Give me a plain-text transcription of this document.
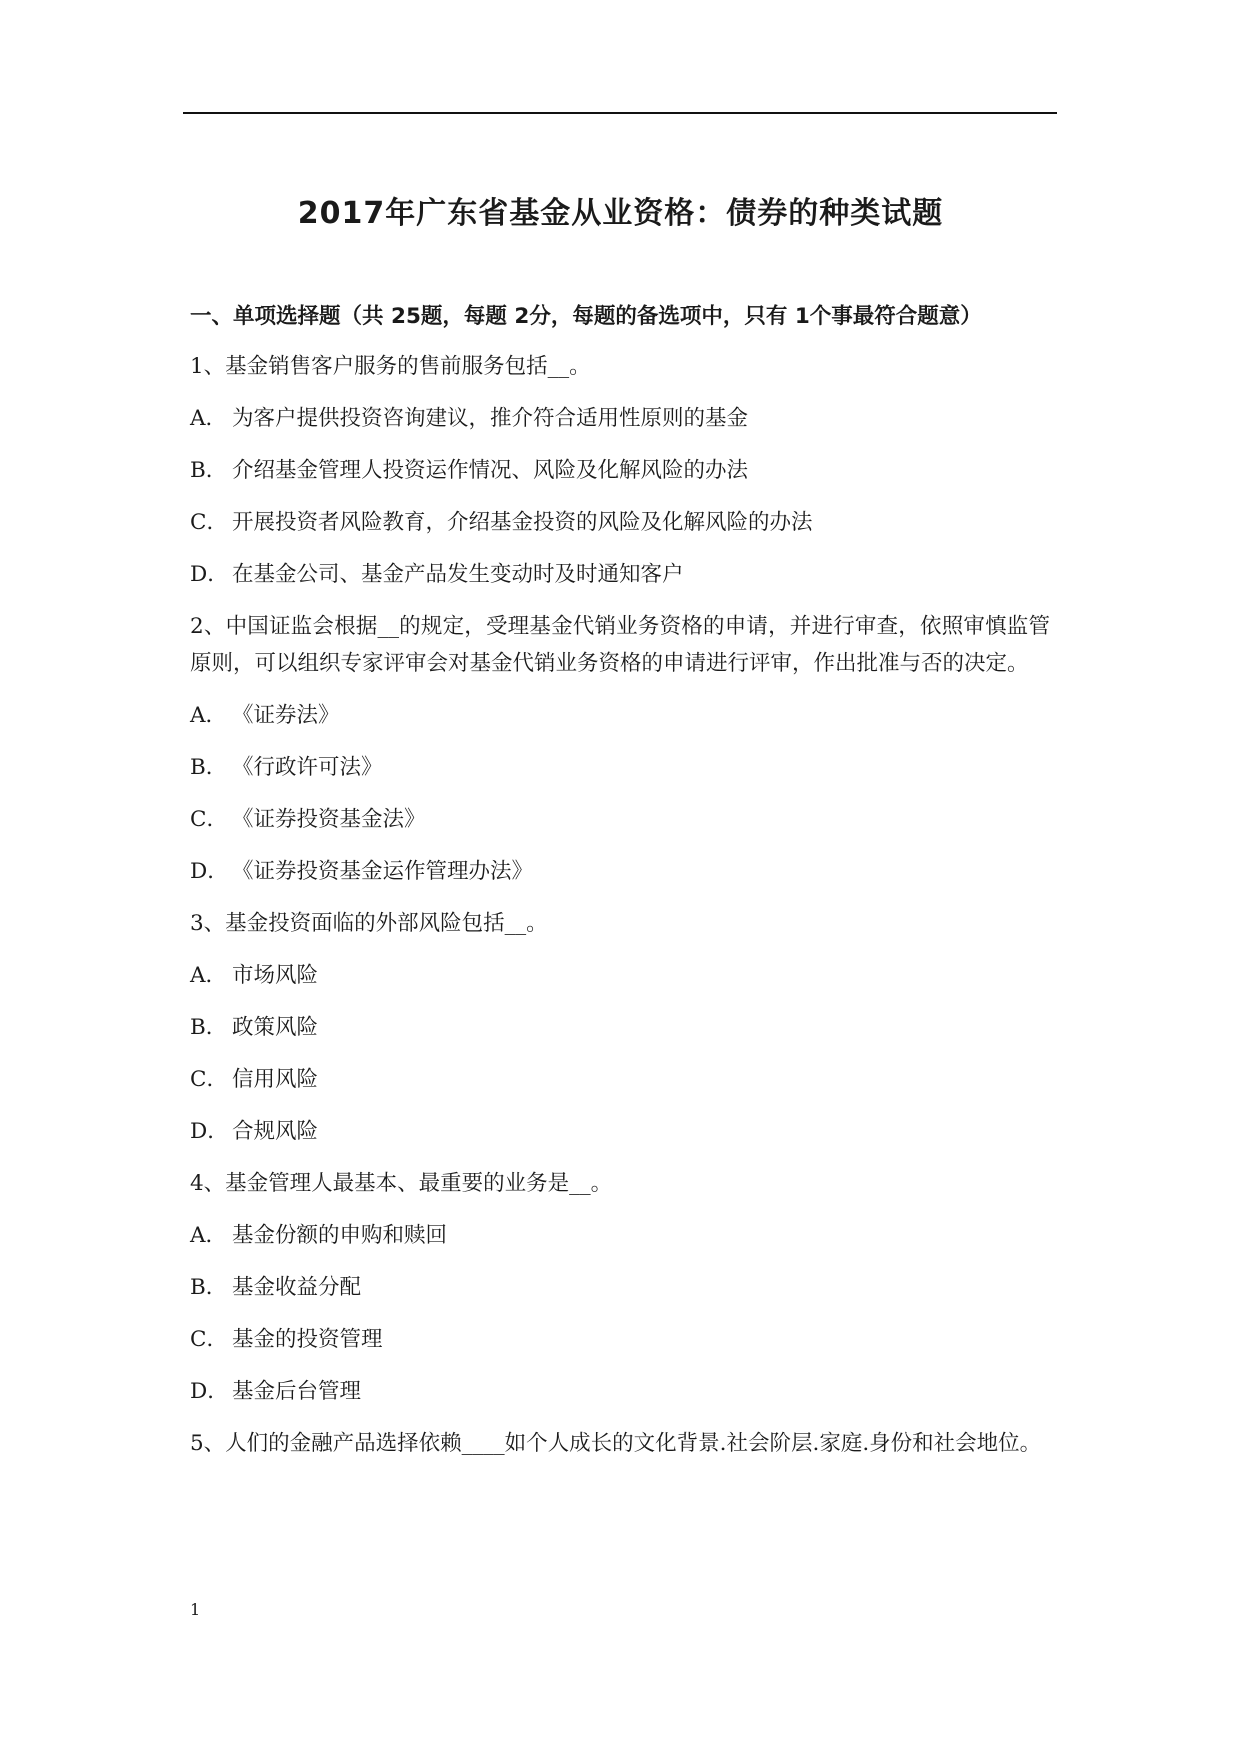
2017年广东省基金从业资格：债券的种类试题
一、单项选择题（共 25题，每题 2分，每题的备选项中，只有 1个事最符合题意）
1、基金销售客户服务的售前服务包括__。
A． 为客户提供投资咨询建议，推介符合适用性原则的基金
B． 介绍基金管理人投资运作情况、风险及化解风险的办法
C． 开展投资者风险教育，介绍基金投资的风险及化解风险的办法
D． 在基金公司、基金产品发生变动时及时通知客户
2、中国证监会根据__的规定，受理基金代销业务资格的申请，并进行审查，依照审慎监管原则，可以组织专家评审会对基金代销业务资格的申请进行评审，作出批准与否的决定。
A． 《证券法》
B． 《行政许可法》
C． 《证券投资基金法》
D． 《证券投资基金运作管理办法》
3、基金投资面临的外部风险包括__。
A． 市场风险
B． 政策风险
C． 信用风险
D． 合规风险
4、基金管理人最基本、最重要的业务是__。
A． 基金份额的申购和赎回
B． 基金收益分配
C． 基金的投资管理
D． 基金后台管理
5、人们的金融产品选择依赖____如个人成长的文化背景.社会阶层.家庭.身份和社会地位。
1
